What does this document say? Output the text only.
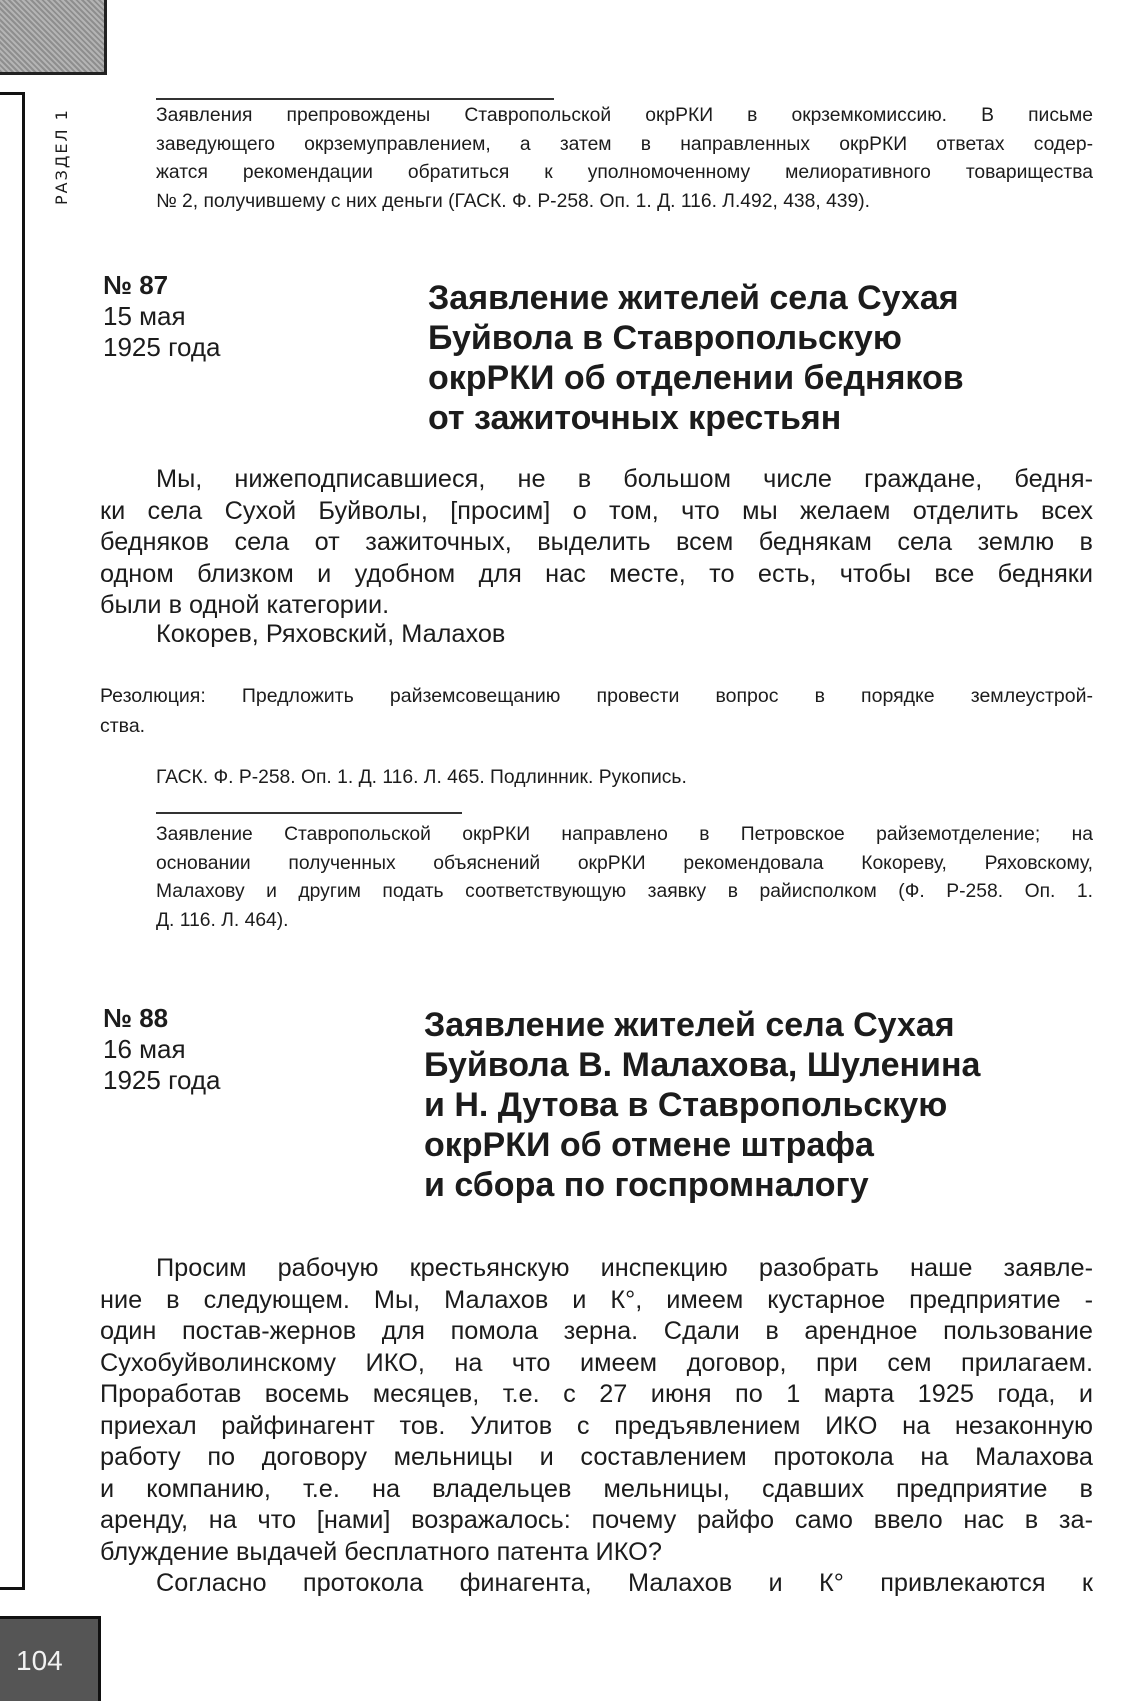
РАЗДЕЛ 1	Заявления препровождены Ставропольской окрРКИ в окрземкомиссию. В письме
заведующего окрземуправлением, а затем в направленных окрРКИ ответах содер-
жатся рекомендации обратиться к уполномоченному мелиоративного товарищества
№ 2, получившему с них деньги (ГАСК. Ф. Р-258. Оп. 1. Д. 116. Л.492, 438, 439).
№ 87
15 мая
1925 года
Заявление жителей села Сухая
Буйвола в Ставропольскую
окрРКИ об отделении бедняков
от зажиточных крестьян
Мы, нижеподписавшиеся, не в большом числе граждане, бедня-
ки села Сухой Буйволы, [просим] о том, что мы желаем отделить всех
бедняков села от зажиточных, выделить всем беднякам села землю в
одном близком и удобном для нас месте, то есть, чтобы все бедняки
были в одной категории.
Кокорев, Ряховский, Малахов
Резолюция: Предложить райземсовещанию провести вопрос в порядке землеустрой-
ства.
ГАСК. Ф. Р-258. Оп. 1. Д. 116. Л. 465. Подлинник. Рукопись.
Заявление Ставропольской окрРКИ направлено в Петровское райземотделение; на
основании полученных объяснений окрРКИ рекомендовала Кокореву, Ряховскому,
Малахову и другим подать соответствующую заявку в райисполком (Ф. Р-258. Оп. 1.
Д. 116. Л. 464).
№ 88
16 мая
1925 года
Заявление жителей села Сухая
Буйвола В. Малахова, Шуленина
и Н. Дутова в Ставропольскую
окрРКИ об отмене штрафа
и сбора по госпромналогу
Просим рабочую крестьянскую инспекцию разобрать наше заявле-
ние в следующем. Мы, Малахов и К°, имеем кустарное предприятие -
один постав-жернов для помола зерна. Сдали в арендное пользование
Сухобуйволинскому ИКО, на что имеем договор, при сем прилагаем.
Проработав восемь месяцев, т.е. с 27 июня по 1 марта 1925 года, и
приехал райфинагент тов. Улитов с предъявлением ИКО на незаконную
работу по договору мельницы и составлением протокола на Малахова
и компанию, т.е. на владельцев мельницы, сдавших предприятие в
аренду, на что [нами] возражалось: почему райфо само ввело нас в за-
блуждение выдачей бесплатного патента ИКО?
Согласно протокола финагента, Малахов и К° привлекаются к
104
